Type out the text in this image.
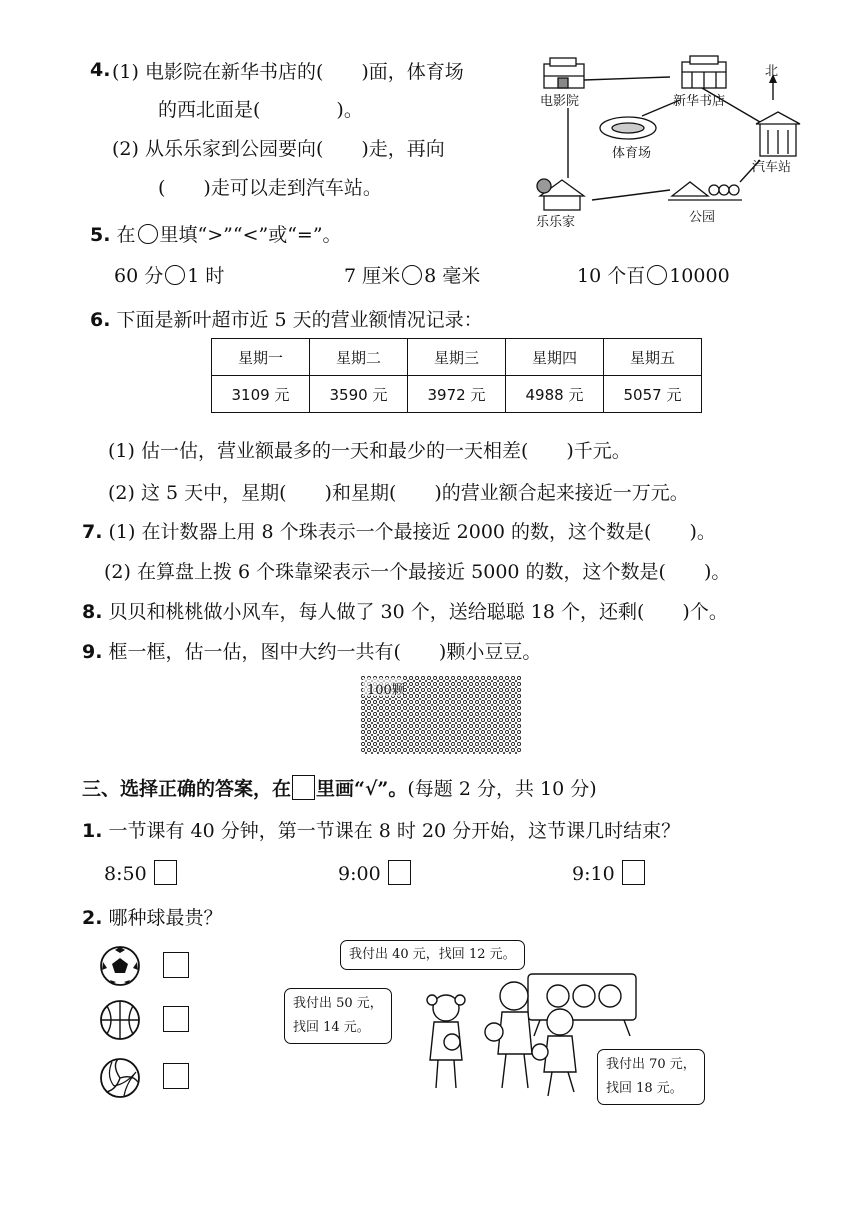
4. (1) 电影院在新华书店的(　　)面，体育场
的西北面是(　　　　)。
(2) 从乐乐家到公园要向(　　)走，再向
(　　)走可以走到汽车站。
北
电影院	新华书店
体育场
汽车站
乐乐家	公园
5. 在 里填“>”“<”或“=”。
60 分 1 时	7 厘米 8 毫米	10 个百 10000
6. 下面是新叶超市近 5 天的营业额情况记录：
星期一	星期二	星期三	星期四	星期五
3109 元	3590 元	3972 元	4988 元	5057 元
(1) 估一估，营业额最多的一天和最少的一天相差(　　)千元。
(2) 这 5 天中，星期(　　)和星期(　　)的营业额合起来接近一万元。
7. (1) 在计数器上用 8 个珠表示一个最接近 2000 的数，这个数是(　　)。
(2) 在算盘上拨 6 个珠靠梁表示一个最接近 5000 的数，这个数是(　　)。
8. 贝贝和桃桃做小风车，每人做了 30 个，送给聪聪 18 个，还剩(　　)个。
9. 框一框，估一估，图中大约一共有(　　)颗小豆豆。
100颗
三、选择正确的答案，在 里画“√”。(每题 2 分，共 10 分)
1. 一节课有 40 分钟，第一节课在 8 时 20 分开始，这节课几时结束？
8:50	9:00	9:10
2. 哪种球最贵？
我付出 40 元，找回 12 元。
我付出 50 元，
找回 14 元。
我付出 70 元，
找回 18 元。
